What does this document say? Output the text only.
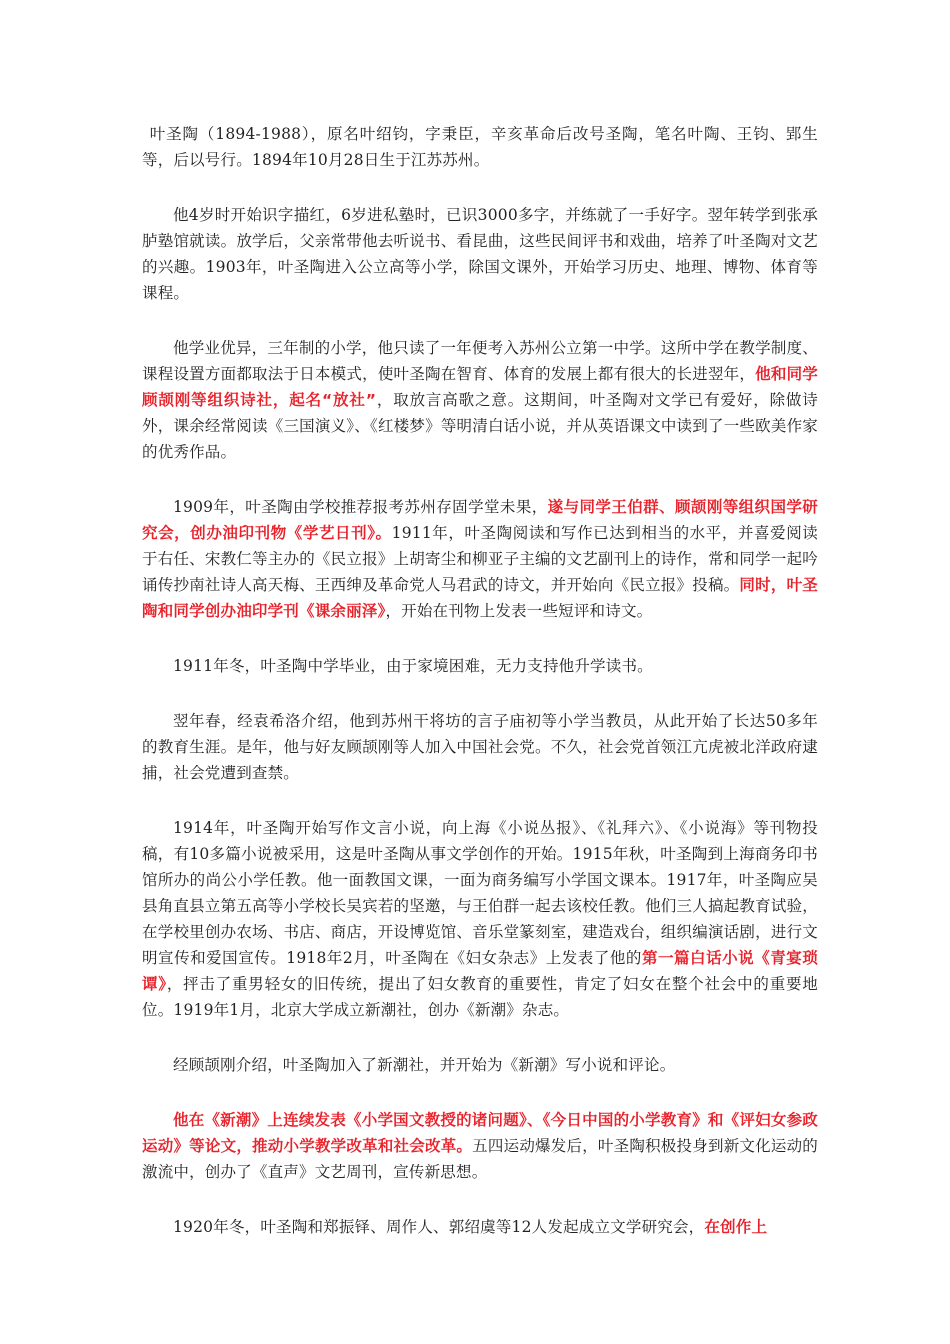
叶圣陶（1894-1988），原名叶绍钧，字秉臣，辛亥革命后改号圣陶，笔名叶陶、王钧、郢生等，后以号行。1894年10月28日生于江苏苏州。

他4岁时开始识字描红，6岁进私塾时，已识3000多字，并练就了一手好字。翌年转学到张承胪塾馆就读。放学后，父亲常带他去听说书、看昆曲，这些民间评书和戏曲，培养了叶圣陶对文艺的兴趣。1903年，叶圣陶进入公立高等小学，除国文课外，开始学习历史、地理、博物、体育等课程。

他学业优异，三年制的小学，他只读了一年便考入苏州公立第一中学。这所中学在教学制度、课程设置方面都取法于日本模式，使叶圣陶在智育、体育的发展上都有很大的长进翌年，他和同学顾颉刚等组织诗社，起名“放社”，取放言高歌之意。这期间，叶圣陶对文学已有爱好，除做诗外，课余经常阅读《三国演义》、《红楼梦》等明清白话小说，并从英语课文中读到了一些欧美作家的优秀作品。

1909年，叶圣陶由学校推荐报考苏州存固学堂未果，遂与同学王伯群、顾颉刚等组织国学研究会，创办油印刊物《学艺日刊》。1911年，叶圣陶阅读和写作已达到相当的水平，并喜爱阅读于右任、宋教仁等主办的《民立报》上胡寄尘和柳亚子主编的文艺副刊上的诗作，常和同学一起吟诵传抄南社诗人高天梅、王西绅及革命党人马君武的诗文，并开始向《民立报》投稿。同时，叶圣陶和同学创办油印学刊《课余丽泽》，开始在刊物上发表一些短评和诗文。

1911年冬，叶圣陶中学毕业，由于家境困难，无力支持他升学读书。

翌年春，经袁希洛介绍，他到苏州干将坊的言子庙初等小学当教员，从此开始了长达50多年的教育生涯。是年，他与好友顾颉刚等人加入中国社会党。不久，社会党首领江亢虎被北洋政府逮捕，社会党遭到查禁。

1914年，叶圣陶开始写作文言小说，向上海《小说丛报》、《礼拜六》、《小说海》等刊物投稿，有10多篇小说被采用，这是叶圣陶从事文学创作的开始。1915年秋，叶圣陶到上海商务印书馆所办的尚公小学任教。他一面教国文课，一面为商务编写小学国文课本。1917年，叶圣陶应吴县角直县立第五高等小学校长吴宾若的坚邀，与王伯群一起去该校任教。他们三人搞起教育试验，在学校里创办农场、书店、商店，开设博览馆、音乐堂篆刻室，建造戏台，组织编演话剧，进行文明宣传和爱国宣传。1918年2月，叶圣陶在《妇女杂志》上发表了他的第一篇白话小说《青宴琐谭》，抨击了重男轻女的旧传统，提出了妇女教育的重要性，肯定了妇女在整个社会中的重要地位。1919年1月，北京大学成立新潮社，创办《新潮》杂志。

经顾颉刚介绍，叶圣陶加入了新潮社，并开始为《新潮》写小说和评论。

他在《新潮》上连续发表《小学国文教授的诸问题》、《今日中国的小学教育》和《评妇女参政运动》等论文，推动小学教学改革和社会改革。五四运动爆发后，叶圣陶积极投身到新文化运动的激流中，创办了《直声》文艺周刊，宣传新思想。

1920年冬，叶圣陶和郑振铎、周作人、郭绍虞等12人发起成立文学研究会，在创作上
